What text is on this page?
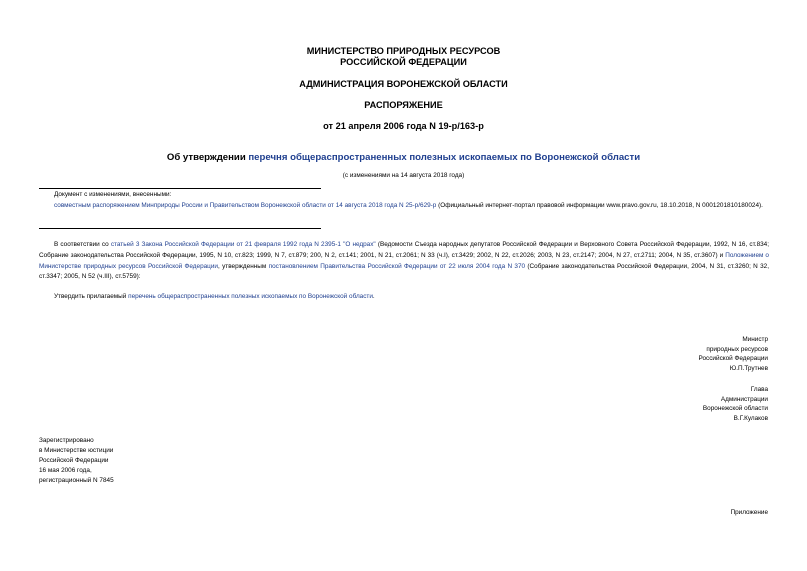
МИНИСТЕРСТВО ПРИРОДНЫХ РЕСУРСОВ
РОССИЙСКОЙ ФЕДЕРАЦИИ
АДМИНИСТРАЦИЯ ВОРОНЕЖСКОЙ ОБЛАСТИ
РАСПОРЯЖЕНИЕ
от 21 апреля 2006 года N 19-р/163-р
Об утверждении перечня общераспространенных полезных ископаемых по Воронежской области
(с изменениями на 14 августа 2018 года)
Документ с изменениями, внесенными:
совместным распоряжением Минприроды России и Правительством Воронежской области от 14 августа 2018 года N 25-р/629-р (Официальный интернет-портал правовой информации www.pravo.gov.ru, 18.10.2018, N 0001201810180024).
В соответствии со статьей 3 Закона Российской Федерации от 21 февраля 1992 года N 2395-1 "О недрах" (Ведомости Съезда народных депутатов Российской Федерации и Верховного Совета Российской Федерации, 1992, N 16, ст.834; Собрание законодательства Российской Федерации, 1995, N 10, ст.823; 1999, N 7, ст.879; 200, N 2, ст.141; 2001, N 21, ст.2061; N 33 (ч.I), ст.3429; 2002, N 22, ст.2026; 2003, N 23, ст.2147; 2004, N 27, ст.2711; 2004, N 35, ст.3607) и Положением о Министерстве природных ресурсов Российской Федерации, утвержденным постановлением Правительства Российской Федерации от 22 июля 2004 года N 370 (Собрание законодательства Российской Федерации, 2004, N 31, ст.3260; N 32, ст.3347; 2005, N 52 (ч.III), ст.5759):
Утвердить прилагаемый перечень общераспространенных полезных ископаемых по Воронежской области.
Министр
природных ресурсов
Российской Федерации
Ю.П.Трутнев
Глава
Администрации
Воронежской области
В.Г.Кулаков
Зарегистрировано
в Министерстве юстиции
Российской Федерации
16 мая 2006 года,
регистрационный N 7845
Приложение
